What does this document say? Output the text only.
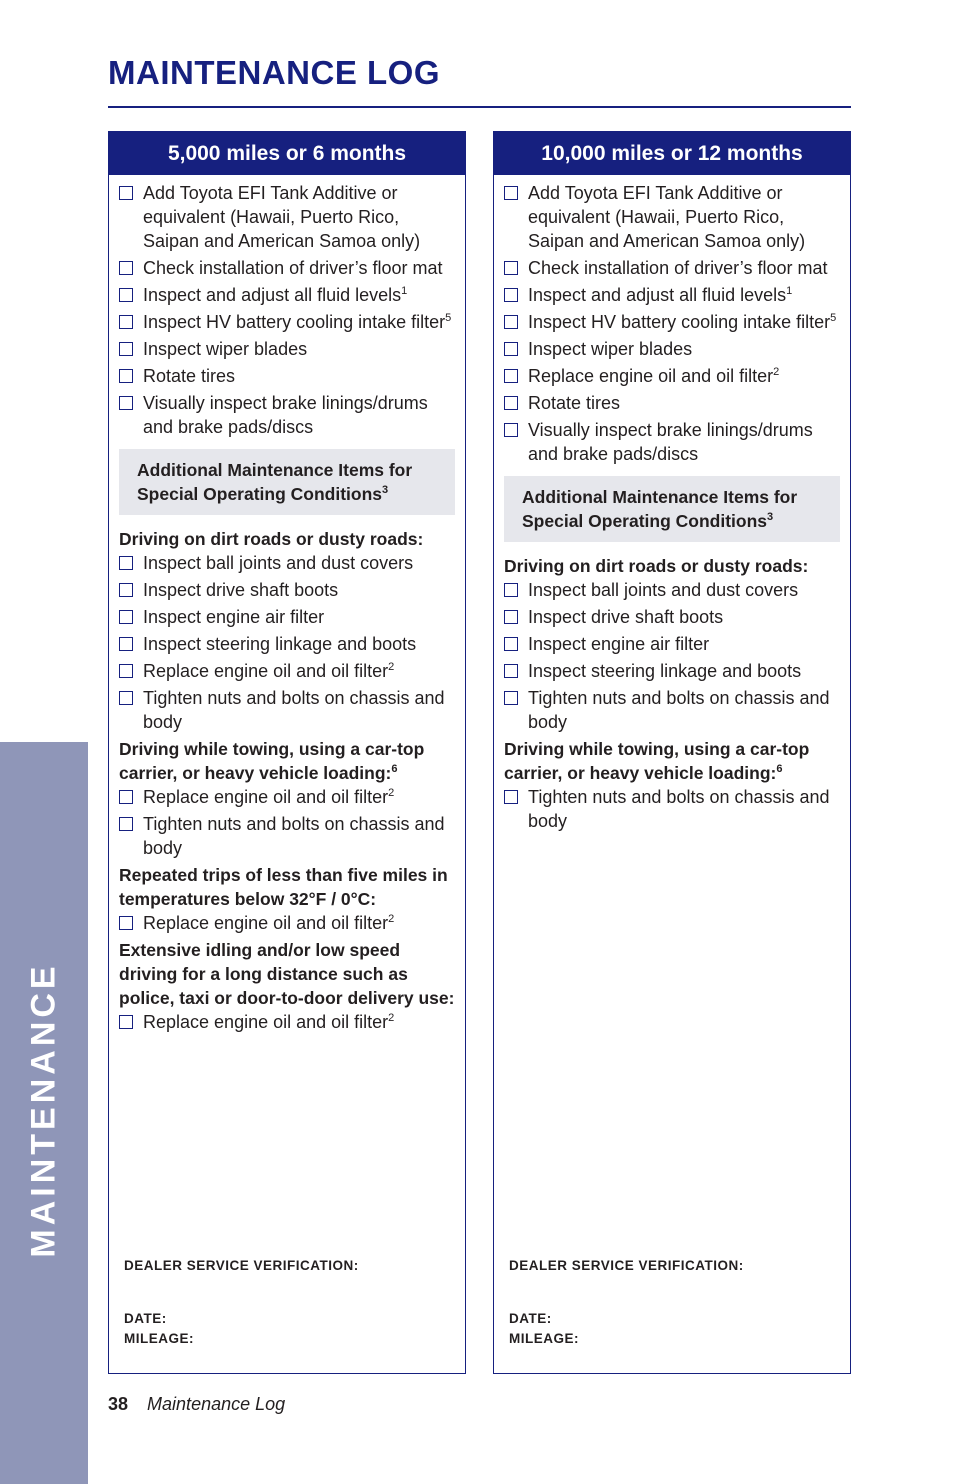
MAINTENANCE
MAINTENANCE LOG
5,000 miles or 6 months
Add Toyota EFI Tank Additive or equivalent (Hawaii, Puerto Rico, Saipan and American Samoa only)
Check installation of driver’s floor mat
Inspect and adjust all fluid levels$^1$
Inspect HV battery cooling intake filter$^5$
Inspect wiper blades
Rotate tires
Visually inspect brake linings/drums and brake pads/discs
Additional Maintenance Items for Special Operating Conditions$^3$
Driving on dirt roads or dusty roads:
Inspect ball joints and dust covers
Inspect drive shaft boots
Inspect engine air filter
Inspect steering linkage and boots
Replace engine oil and oil filter$^2$
Tighten nuts and bolts on chassis and body
Driving while towing, using a car-top carrier, or heavy vehicle loading:$^6$
Replace engine oil and oil filter$^2$
Tighten nuts and bolts on chassis and body
Repeated trips of less than five miles in temperatures below 32°F / 0°C:
Replace engine oil and oil filter$^2$
Extensive idling and/or low speed driving for a long distance such as police, taxi or door-to-door delivery use:
Replace engine oil and oil filter$^2$
DEALER SERVICE VERIFICATION:
DATE:
MILEAGE:
10,000 miles or 12 months
Add Toyota EFI Tank Additive or equivalent (Hawaii, Puerto Rico, Saipan and American Samoa only)
Check installation of driver’s floor mat
Inspect and adjust all fluid levels$^1$
Inspect HV battery cooling intake filter$^5$
Inspect wiper blades
Replace engine oil and oil filter$^2$
Rotate tires
Visually inspect brake linings/drums and brake pads/discs
Additional Maintenance Items for Special Operating Conditions$^3$
Driving on dirt roads or dusty roads:
Inspect ball joints and dust covers
Inspect drive shaft boots
Inspect engine air filter
Inspect steering linkage and boots
Tighten nuts and bolts on chassis and body
Driving while towing, using a car-top carrier, or heavy vehicle loading:$^6$
Tighten nuts and bolts on chassis and body
DEALER SERVICE VERIFICATION:
DATE:
MILEAGE:
38 Maintenance Log
